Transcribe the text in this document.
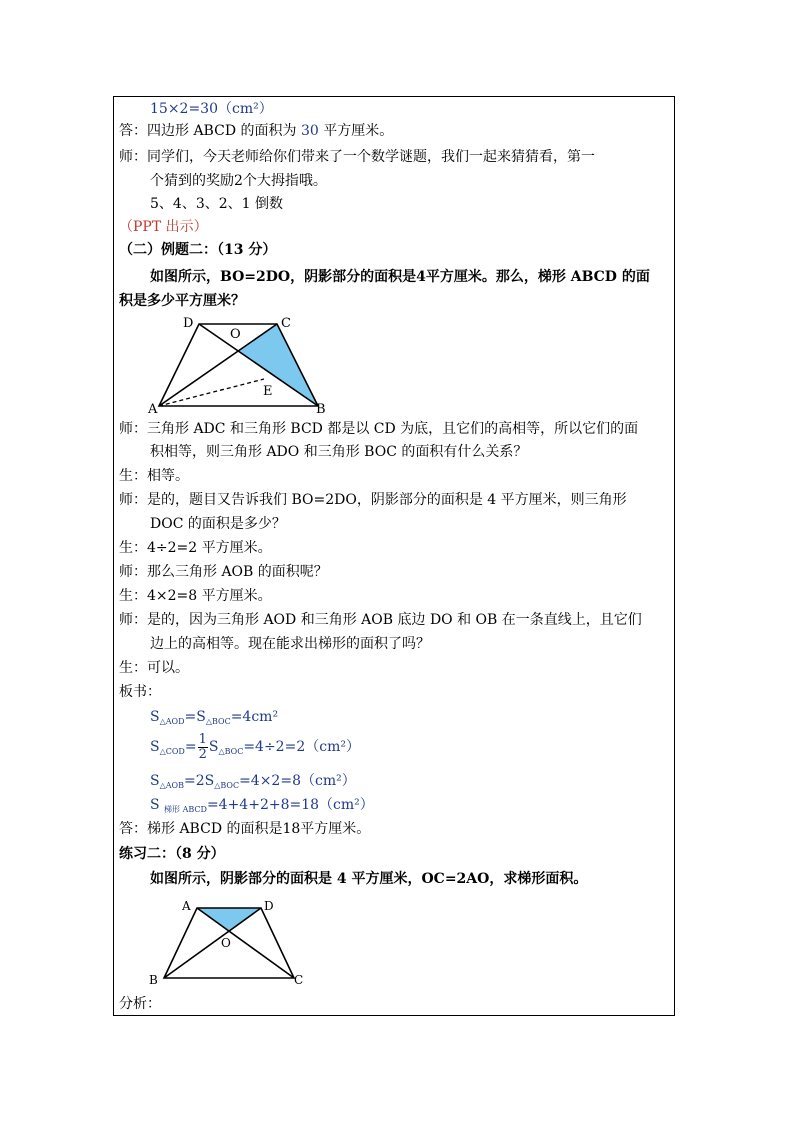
15×2=30（cm²）
答：四边形 ABCD 的面积为 30 平方厘米。
师：同学们，今天老师给你们带来了一个数学谜题，我们一起来猜猜看，第一
个猜到的奖励2个大拇指哦。
5、4、3、2、1 倒数
（PPT 出示）
（二）例题二：（13 分）
如图所示，BO=2DO，阴影部分的面积是4平方厘米。那么，梯形 ABCD 的面
积是多少平方厘米？
D
O
C
E
A	B
师：三角形 ADC 和三角形 BCD 都是以 CD 为底，且它们的高相等，所以它们的面
积相等，则三角形 ADO 和三角形 BOC 的面积有什么关系？
生：相等。
师：是的，题目又告诉我们 BO=2DO，阴影部分的面积是 4 平方厘米，则三角形
DOC 的面积是多少？
生：4÷2=2 平方厘米。
师：那么三角形 AOB 的面积呢？
生：4×2=8 平方厘米。
师：是的，因为三角形 AOD 和三角形 AOB 底边 DO 和 OB 在一条直线上，且它们
边上的高相等。现在能求出梯形的面积了吗？
生：可以。
板书：
$S_{\triangle AOD}=S_{\triangle BOC}=4cm^2$
$S_{\triangle COD}= \frac{1}{2} S_{\triangle BOC}=4\div 2=2(cm^2)$
$S_{\triangle AOB}=2S_{\triangle BOC}=4\times 2=8(cm^2)$
S $_{梯形 ABCD}$=4+4+2+8=18（cm²）
答：梯形 ABCD 的面积是18平方厘米。
练习二：（8 分）
如图所示，阴影部分的面积是 4 平方厘米，OC=2AO，求梯形面积。
A	D
O
B	C
分析：
